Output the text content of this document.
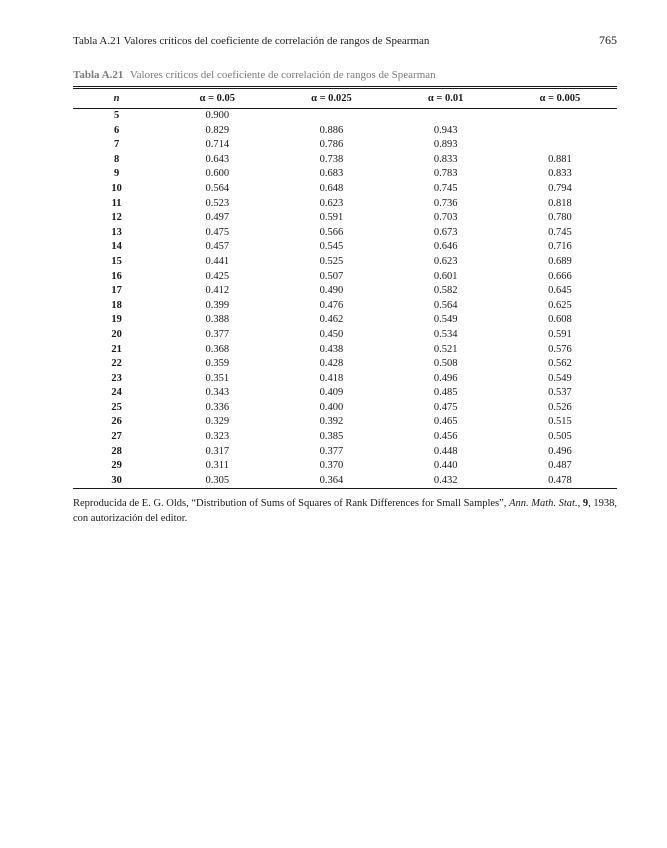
Tabla A.21 Valores críticos del coeficiente de correlación de rangos de Spearman	765
Tabla A.21 Valores críticos del coeficiente de correlación de rangos de Spearman
n	α = 0.05	α = 0.025	α = 0.01	α = 0.005
5	0.900			
6	0.829	0.886	0.943	
7	0.714	0.786	0.893	
8	0.643	0.738	0.833	0.881
9	0.600	0.683	0.783	0.833
10	0.564	0.648	0.745	0.794
11	0.523	0.623	0.736	0.818
12	0.497	0.591	0.703	0.780
13	0.475	0.566	0.673	0.745
14	0.457	0.545	0.646	0.716
15	0.441	0.525	0.623	0.689
16	0.425	0.507	0.601	0.666
17	0.412	0.490	0.582	0.645
18	0.399	0.476	0.564	0.625
19	0.388	0.462	0.549	0.608
20	0.377	0.450	0.534	0.591
21	0.368	0.438	0.521	0.576
22	0.359	0.428	0.508	0.562
23	0.351	0.418	0.496	0.549
24	0.343	0.409	0.485	0.537
25	0.336	0.400	0.475	0.526
26	0.329	0.392	0.465	0.515
27	0.323	0.385	0.456	0.505
28	0.317	0.377	0.448	0.496
29	0.311	0.370	0.440	0.487
30	0.305	0.364	0.432	0.478
Reproducida de E. G. Olds, “Distribution of Sums of Squares of Rank Differences for Small Samples”, Ann. Math. Stat., 9, 1938, con autorización del editor.
